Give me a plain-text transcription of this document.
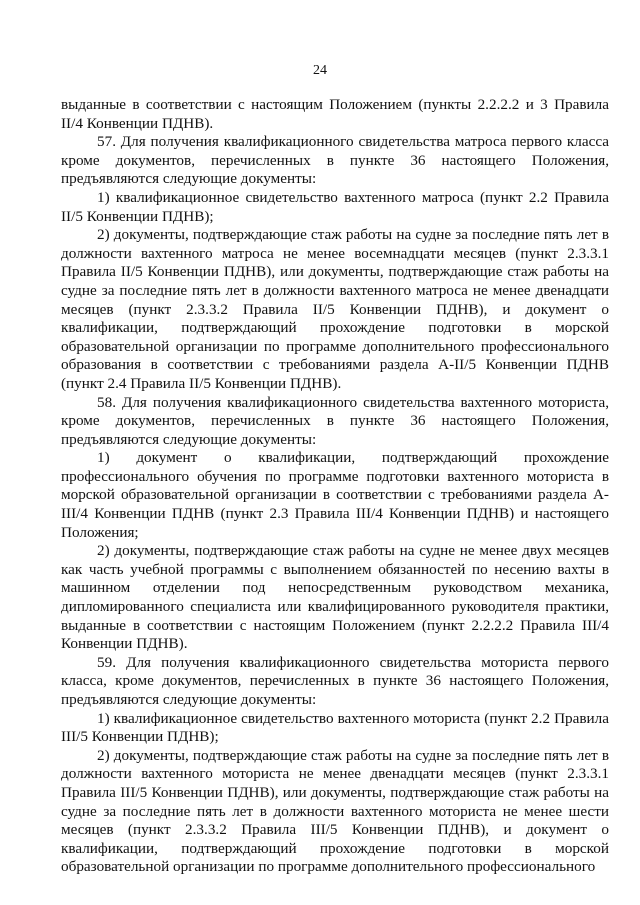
24

выданные в соответствии с настоящим Положением (пункты 2.2.2.2 и 3 Правила II/4 Конвенции ПДНВ).

57. Для получения квалификационного свидетельства матроса первого класса кроме документов, перечисленных в пункте 36 настоящего Положения, предъявляются следующие документы:

1) квалификационное свидетельство вахтенного матроса (пункт 2.2 Правила II/5 Конвенции ПДНВ);

2) документы, подтверждающие стаж работы на судне за последние пять лет в должности вахтенного матроса не менее восемнадцати месяцев (пункт 2.3.3.1 Правила II/5 Конвенции ПДНВ), или документы, подтверждающие стаж работы на судне за последние пять лет в должности вахтенного матроса не менее двенадцати месяцев (пункт 2.3.3.2 Правила II/5 Конвенции ПДНВ), и документ о квалификации, подтверждающий прохождение подготовки в морской образовательной организации по программе дополнительного профессионального образования в соответствии с требованиями раздела A-II/5 Конвенции ПДНВ (пункт 2.4 Правила II/5 Конвенции ПДНВ).

58. Для получения квалификационного свидетельства вахтенного моториста, кроме документов, перечисленных в пункте 36 настоящего Положения, предъявляются следующие документы:

1) документ о квалификации, подтверждающий прохождение профессионального обучения по программе подготовки вахтенного моториста в морской образовательной организации в соответствии с требованиями раздела A-III/4 Конвенции ПДНВ (пункт 2.3 Правила III/4 Конвенции ПДНВ) и настоящего Положения;

2) документы, подтверждающие стаж работы на судне не менее двух месяцев как часть учебной программы с выполнением обязанностей по несению вахты в машинном отделении под непосредственным руководством механика, дипломированного специалиста или квалифицированного руководителя практики, выданные в соответствии с настоящим Положением (пункт 2.2.2.2 Правила III/4 Конвенции ПДНВ).

59. Для получения квалификационного свидетельства моториста первого класса, кроме документов, перечисленных в пункте 36 настоящего Положения, предъявляются следующие документы:

1) квалификационное свидетельство вахтенного моториста (пункт 2.2 Правила III/5 Конвенции ПДНВ);

2) документы, подтверждающие стаж работы на судне за последние пять лет в должности вахтенного моториста не менее двенадцати месяцев (пункт 2.3.3.1 Правила III/5 Конвенции ПДНВ), или документы, подтверждающие стаж работы на судне за последние пять лет в должности вахтенного моториста не менее шести месяцев (пункт 2.3.3.2 Правила III/5 Конвенции ПДНВ), и документ о квалификации, подтверждающий прохождение подготовки в морской образовательной организации по программе дополнительного профессионального
